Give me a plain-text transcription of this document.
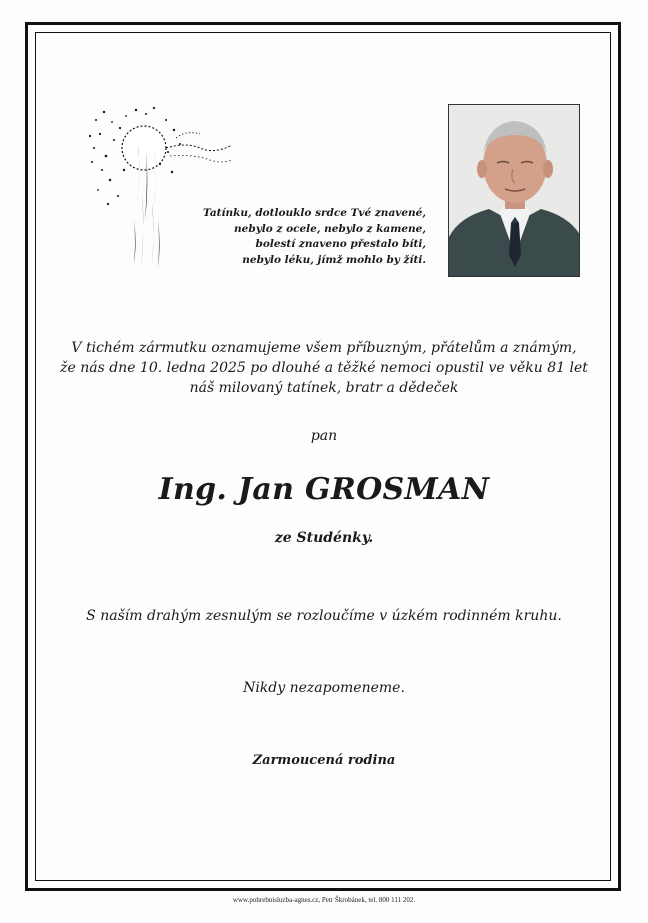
Tatínku, dotlouklo srdce Tvé znavené,
nebylo z ocele, nebylo z kamene,
bolestí znaveno přestalo bíti,
nebylo léku, jímž mohlo by žíti.
V tichém zármutku oznamujeme všem příbuzným, přátelům a známým,
že nás dne 10. ledna 2025 po dlouhé a těžké nemoci opustil ve věku 81 let
náš milovaný tatínek, bratr a dědeček
pan
Ing. Jan GROSMAN
ze Studénky.
S naším drahým zesnulým se rozloučíme v úzkém rodinném kruhu.
Nikdy nezapomeneme.
Zarmoucená rodina
www.pohrebnisluzba-agnes.cz, Petr Škrobánek, tel. 800 111 202.
